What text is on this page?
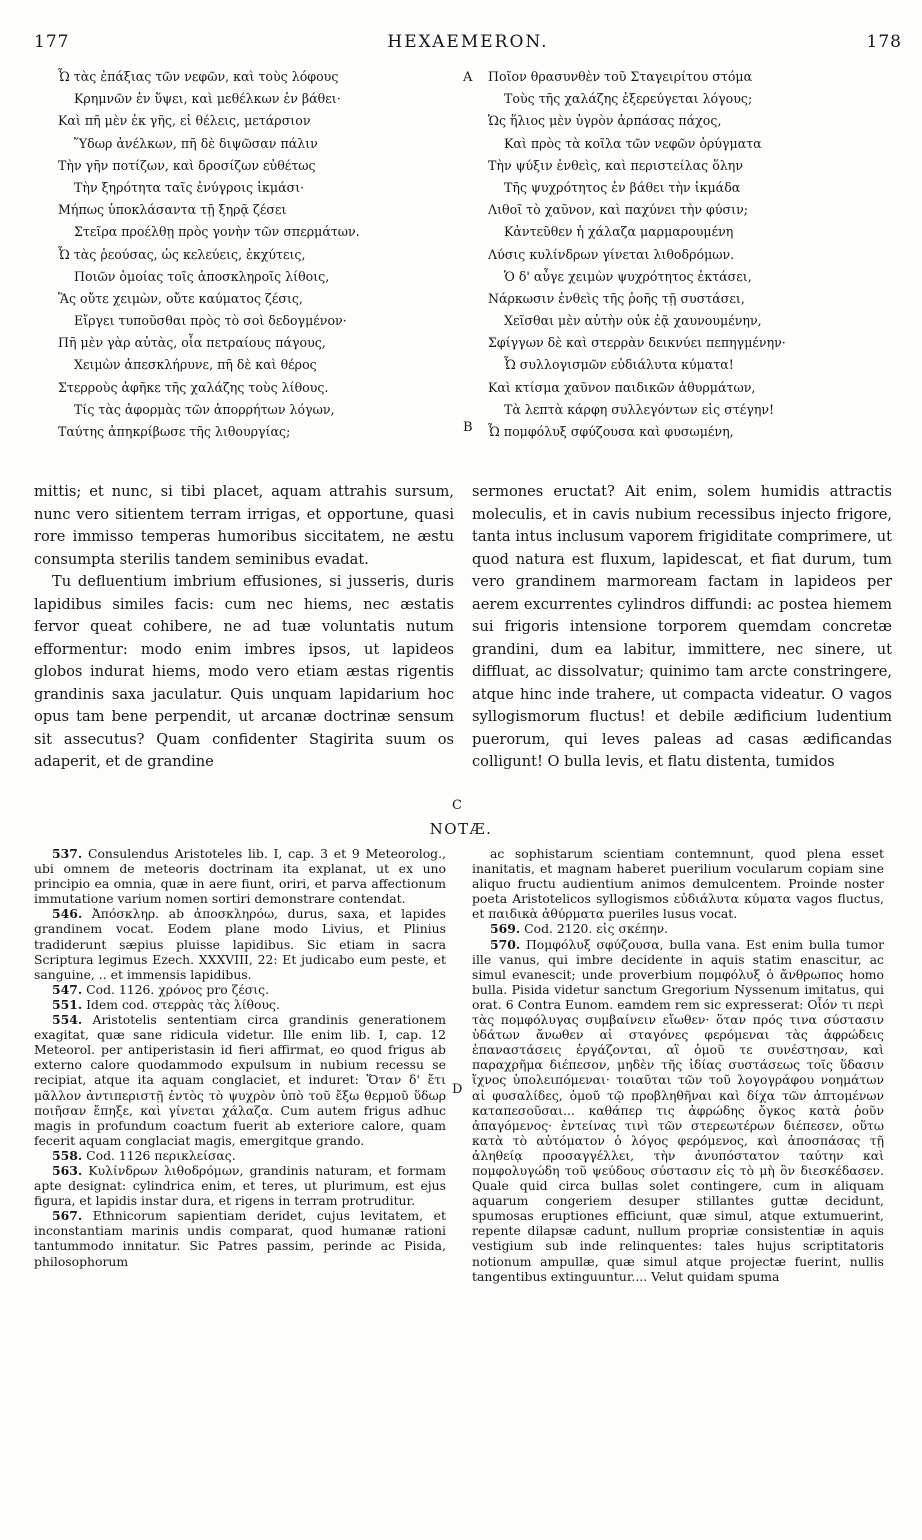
177	HEXAEMERON.	178
Ὦ τὰς ἐπάξιας τῶν νεφῶν, καὶ τοὺς λόφους
Κρημνῶν ἐν ὕψει, καὶ μεθέλκων ἐν βάθει·
Καὶ πῆ μὲν ἐκ γῆς, εἰ θέλεις, μετάρσιον
Ὕδωρ ἀνέλκων, πῆ δὲ διψῶσαν πάλιν
Τὴν γῆν ποτίζων, καὶ δροσίζων εὐθέτως
Τὴν ξηρότητα ταῖς ἐνύγροις ἰκμάσι·
Μήπως ὑποκλάσαντα τῇ ξηρᾷ ζέσει
Στεῖρα προέλθῃ πρὸς γονὴν τῶν σπερμάτων.
Ὦ τὰς ῥεούσας, ὡς κελεύεις, ἐκχύτεις,
Ποιῶν ὁμοίας τοῖς ἀποσκληροῖς λίθοις,
Ἃς οὔτε χειμὼν, οὔτε καύματος ζέσις,
Εἴργει τυποῦσθαι πρὸς τὸ σοὶ δεδογμένον·
Πῆ μὲν γὰρ αὐτὰς, οἷα πετραίους πάγους,
Χειμὼν ἀπεσκλήρυνε, πῆ δὲ καὶ θέρος
Στερροὺς ἀφῆκε τῆς χαλάζης τοὺς λίθους.
Τίς τὰς ἀφορμὰς τῶν ἀπορρήτων λόγων,
Ταύτης ἀπηκρίβωσε τῆς λιθουργίας;
Ποῖον θρασυνθὲν τοῦ Σταγειρίτου στόμα
Τοὺς τῆς χαλάζης ἐξερεύγεται λόγους;
Ὡς ἥλιος μὲν ὑγρὸν ἁρπάσας πάχος,
Καὶ πρὸς τὰ κοῖλα τῶν νεφῶν ὀρύγματα
Τὴν ψύξιν ἐνθεὶς, καὶ περιστείλας ὅλην
Τῆς ψυχρότητος ἐν βάθει τὴν ἰκμάδα
Λιθοῖ τὸ χαῦνον, καὶ παχύνει τὴν φύσιν;
Κἀντεῦθεν ἡ χάλαζα μαρμαρουμένη
Λύσις κυλίνδρων γίνεται λιθοδρόμων.
Ὁ δ' αὖγε χειμὼν ψυχρότητος ἐκτάσει,
Νάρκωσιν ἐνθεὶς τῆς ῥοῆς τῇ συστάσει,
Χεῖσθαι μὲν αὐτὴν οὐκ ἐᾷ χαυνουμένην,
Σφίγγων δὲ καὶ στερρὰν δεικνύει πεπηγμένην·
Ὦ συλλογισμῶν εὐδιάλυτα κύματα!
Καὶ κτίσμα χαῦνον παιδικῶν ἀθυρμάτων,
Τὰ λεπτὰ κάρφη συλλεγόντων εἰς στέγην!
Ὦ πομφόλυξ σφύζουσα καὶ φυσωμένη,
A
B
C
D

mittis; et nunc, si tibi placet, aquam attrahis sursum, nunc vero sitientem terram irrigas, et opportune, quasi rore immisso temperas humoribus siccitatem, ne æstu consumpta sterilis tandem seminibus evadat.

Tu defluentium imbrium effusiones, si jusseris, duris lapidibus similes facis: cum nec hiems, nec æstatis fervor queat cohibere, ne ad tuæ voluntatis nutum efformentur: modo enim imbres ipsos, ut lapideos globos indurat hiems, modo vero etiam æstas rigentis grandinis saxa jaculatur. Quis unquam lapidarium hoc opus tam bene perpendit, ut arcanæ doctrinæ sensum sit assecutus? Quam confidenter Stagirita suum os adaperit, et de grandine

sermones eructat? Ait enim, solem humidis attractis moleculis, et in cavis nubium recessibus injecto frigore, tanta intus inclusum vaporem frigiditate comprimere, ut quod natura est fluxum, lapidescat, et fiat durum, tum vero grandinem marmoream factam in lapideos per aerem excurrentes cylindros diffundi: ac postea hiemem sui frigoris intensione torporem quemdam concretæ grandini, dum ea labitur, immittere, nec sinere, ut diffluat, ac dissolvatur; quinimo tam arcte constringere, atque hinc inde trahere, ut compacta videatur. O vagos syllogismorum fluctus! et debile ædificium ludentium puerorum, qui leves paleas ad casas ædificandas colligunt! O bulla levis, et flatu distenta, tumidos

NOTÆ.

537. Consulendus Aristoteles lib. I, cap. 3 et 9 Meteorolog., ubi omnem de meteoris doctrinam ita explanat, ut ex uno principio ea omnia, quæ in aere fiunt, oriri, et parva affectionum immutatione varium nomen sortiri demonstrare contendat.

546. Ἀπόσκληρ. ab ἀποσκληρόω, durus, saxa, et lapides grandinem vocat. Eodem plane modo Livius, et Plinius tradiderunt sæpius pluisse lapidibus. Sic etiam in sacra Scriptura legimus Ezech. XXXVIII, 22: Et judicabo eum peste, et sanguine, .. et immensis lapidibus.

547. Cod. 1126. χρόνος pro ζέσις.

551. Idem cod. στερρὰς τὰς λίθους.

554. Aristotelis sententiam circa grandinis generationem exagitat, quæ sane ridicula videtur. Ille enim lib. I, cap. 12 Meteorol. per antiperistasin id fieri affirmat, eo quod frigus ab externo calore quodammodo expulsum in nubium recessu se recipiat, atque ita aquam conglaciet, et induret: Ὅταν δ' ἔτι μᾶλλον ἀντιπεριστῇ ἐντὸς τὸ ψυχρὸν ὑπὸ τοῦ ἔξω θερμοῦ ὕδωρ ποιῆσαν ἔπηξε, καὶ γίνεται χάλαζα. Cum autem frigus adhuc magis in profundum coactum fuerit ab exteriore calore, quam fecerit aquam conglaciat magis, emergitque grando.

558. Cod. 1126 περικλείσας.

563. Κυλίνδρων λιθοδρόμων, grandinis naturam, et formam apte designat: cylindrica enim, et teres, ut plurimum, est ejus figura, et lapidis instar dura, et rigens in terram protruditur.

567. Ethnicorum sapientiam deridet, cujus levitatem, et inconstantiam marinis undis comparat, quod humanæ rationi tantummodo innitatur. Sic Patres passim, perinde ac Pisida, philosophorum

ac sophistarum scientiam contemnunt, quod plena esset inanitatis, et magnam haberet puerilium vocularum copiam sine aliquo fructu audientium animos demulcentem. Proinde noster poeta Aristotelicos syllogismos εὐδιάλυτα κύματα vagos fluctus, et παιδικὰ ἀθύρματα pueriles lusus vocat.

569. Cod. 2120. εἰς σκέπην.

570. Πομφόλυξ σφύζουσα, bulla vana. Est enim bulla tumor ille vanus, qui imbre decidente in aquis statim enascitur, ac simul evanescit; unde proverbium πομφόλυξ ὁ ἄνθρωπος homo bulla. Pisida videtur sanctum Gregorium Nyssenum imitatus, qui orat. 6 Contra Eunom. eamdem rem sic expresserat: Οἷόν τι περὶ τὰς πομφόλυγας συμβαίνειν εἴωθεν· ὅταν πρός τινα σύστασιν ὑδάτων ἄνωθεν αἱ σταγόνες φερόμεναι τὰς ἀφρώδεις ἐπαναστάσεις ἐργάζονται, αἳ ὁμοῦ τε συνέστησαν, καὶ παραχρῆμα διέπεσον, μηδὲν τῆς ἰδίας συστάσεως τοῖς ὕδασιν ἴχνος ὑπολειπόμεναι· τοιαῦται τῶν τοῦ λογογράφου νοημάτων αἱ φυσαλίδες, ὁμοῦ τῷ προβληθῆναι καὶ δίχα τῶν ἀπτομένων καταπεσοῦσαι... καθάπερ τις ἀφρώδης ὄγκος κατὰ ῥοῦν ἀπαγόμενος· ἐντείνας τινὶ τῶν στερεωτέρων διέπεσεν, οὕτω κατὰ τὸ αὐτόματον ὁ λόγος φερόμενος, καὶ ἀποσπάσας τῇ ἀληθείᾳ προσαγγέλλει, τὴν ἀνυπόστατον ταύτην καὶ πομφολυγώδη τοῦ ψεύδους σύστασιν εἰς τὸ μὴ ὂν διεσκέδασεν. Quale quid circa bullas solet contingere, cum in aliquam aquarum congeriem desuper stillantes guttæ decidunt, spumosas eruptiones efficiunt, quæ simul, atque extumuerint, repente dilapsæ cadunt, nullum propriæ consistentiæ in aquis vestigium sub inde relinquentes: tales hujus scriptitatoris notionum ampullæ, quæ simul atque projectæ fuerint, nullis tangentibus extinguuntur.... Velut quidam spuma
